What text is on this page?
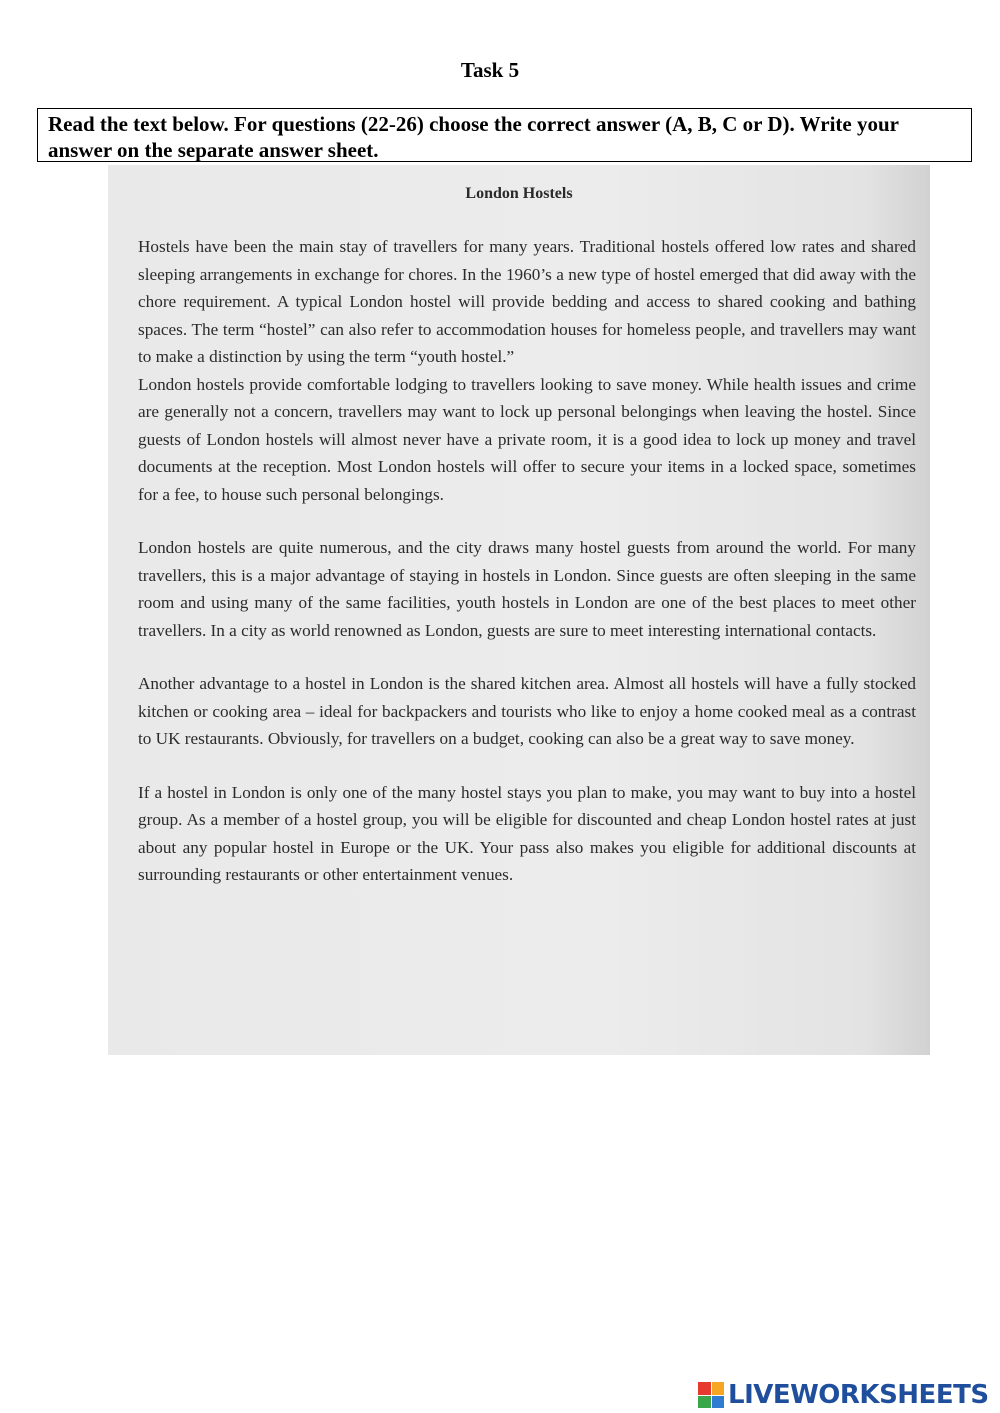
Task 5
Read the text below. For questions (22-26) choose the correct answer (A, B, C or D). Write your answer on the separate answer sheet.
London Hostels

Hostels have been the main stay of travellers for many years. Traditional hostels offered low rates and shared sleeping arrangements in exchange for chores. In the 1960’s a new type of hostel emerged that did away with the chore requirement. A typical London hostel will provide bedding and access to shared cooking and bathing spaces. The term “hostel” can also refer to accommodation houses for homeless people, and travellers may want to make a distinction by using the term “youth hostel.”

London hostels provide comfortable lodging to travellers looking to save money. While health issues and crime are generally not a concern, travellers may want to lock up personal belongings when leaving the hostel. Since guests of London hostels will almost never have a private room, it is a good idea to lock up money and travel documents at the reception. Most London hostels will offer to secure your items in a locked space, sometimes for a fee, to house such personal belongings.

London hostels are quite numerous, and the city draws many hostel guests from around the world. For many travellers, this is a major advantage of staying in hostels in London. Since guests are often sleeping in the same room and using many of the same facilities, youth hostels in London are one of the best places to meet other travellers. In a city as world renowned as London, guests are sure to meet interesting international contacts.

Another advantage to a hostel in London is the shared kitchen area. Almost all hostels will have a fully stocked kitchen or cooking area – ideal for backpackers and tourists who like to enjoy a home cooked meal as a contrast to UK restaurants. Obviously, for travellers on a budget, cooking can also be a great way to save money.

If a hostel in London is only one of the many hostel stays you plan to make, you may want to buy into a hostel group. As a member of a hostel group, you will be eligible for discounted and cheap London hostel rates at just about any popular hostel in Europe or the UK. Your pass also makes you eligible for additional discounts at surrounding restaurants or other entertainment venues.

LIVEWORKSHEETS
